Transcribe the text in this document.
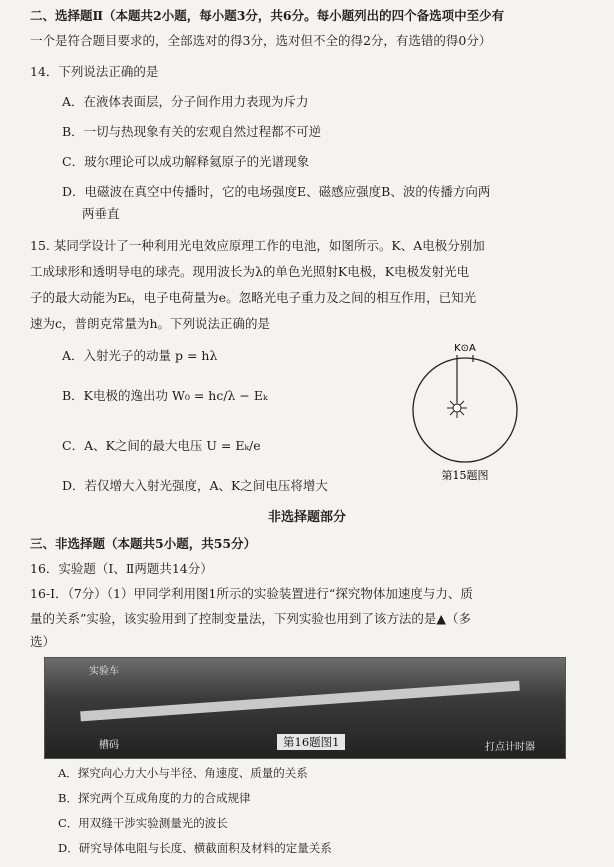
二、选择题Ⅱ（本题共2小题，每小题3分，共6分。每小题列出的四个备选项中至少有
一个是符合题目要求的，全部选对的得3分，选对但不全的得2分，有选错的得0分）
14．下列说法正确的是
A．在液体表面层，分子间作用力表现为斥力
B．一切与热现象有关的宏观自然过程都不可逆
C．玻尔理论可以成功解释氦原子的光谱现象
D．电磁波在真空中传播时，它的电场强度E、磁感应强度B、波的传播方向两
两垂直
15. 某同学设计了一种利用光电效应原理工作的电池，如图所示。K、A电极分别加
工成球形和透明导电的球壳。现用波长为λ的单色光照射K电极，K电极发射光电
子的最大动能为Eₖ，电子电荷量为e。忽略光电子重力及之间的相互作用，已知光
速为c，普朗克常量为h。下列说法正确的是
A．入射光子的动量 p = hλ
B．K电极的逸出功 W₀ = hc/λ − Eₖ
C．A、K之间的最大电压 U = Eₖ/e
D．若仅增大入射光强度，A、K之间电压将增大
K⊙A
第15题图
非选择题部分
三、非选择题（本题共5小题，共55分）
16．实验题（Ⅰ、Ⅱ两题共14分）
16-Ⅰ．（7分）（1）甲同学利用图1所示的实验装置进行“探究物体加速度与力、质
量的关系”实验，该实验用到了控制变量法，下列实验也用到了该方法的是▲（多
选）
实验车
槽码	打点计时器
第16题图1
A．探究向心力大小与半径、角速度、质量的关系
B．探究两个互成角度的力的合成规律
C．用双缝干涉实验测量光的波长
D．研究导体电阻与长度、横截面积及材料的定量关系
